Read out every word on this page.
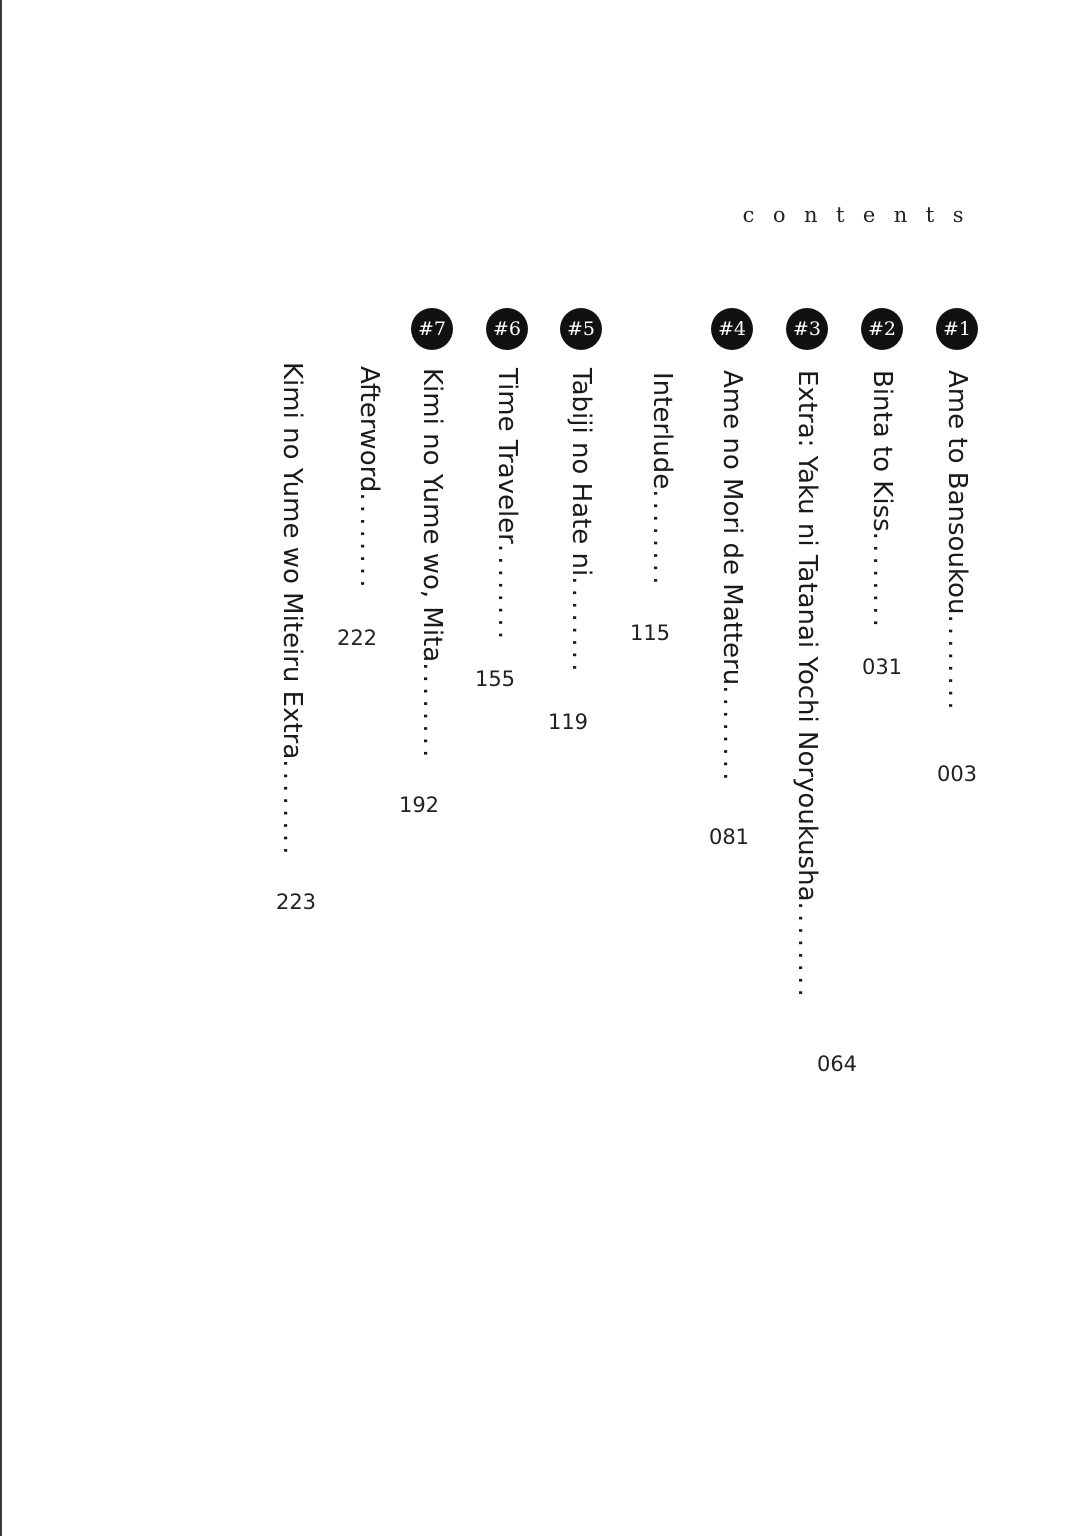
contents
#1
Ame to Bansoukou........
003
#2
Binta to Kiss........
031
#3
Extra: Yaku ni Tatanai Yochi Noryoukusha........
064
#4
Ame no Mori de Matteru........
081
Interlude........
115
#5
Tabiji no Hate ni........
119
#6
Time Traveler........
155
#7
Kimi no Yume wo, Mita........
192
Afterword........
222
Kimi no Yume wo Miteiru Extra........
223
